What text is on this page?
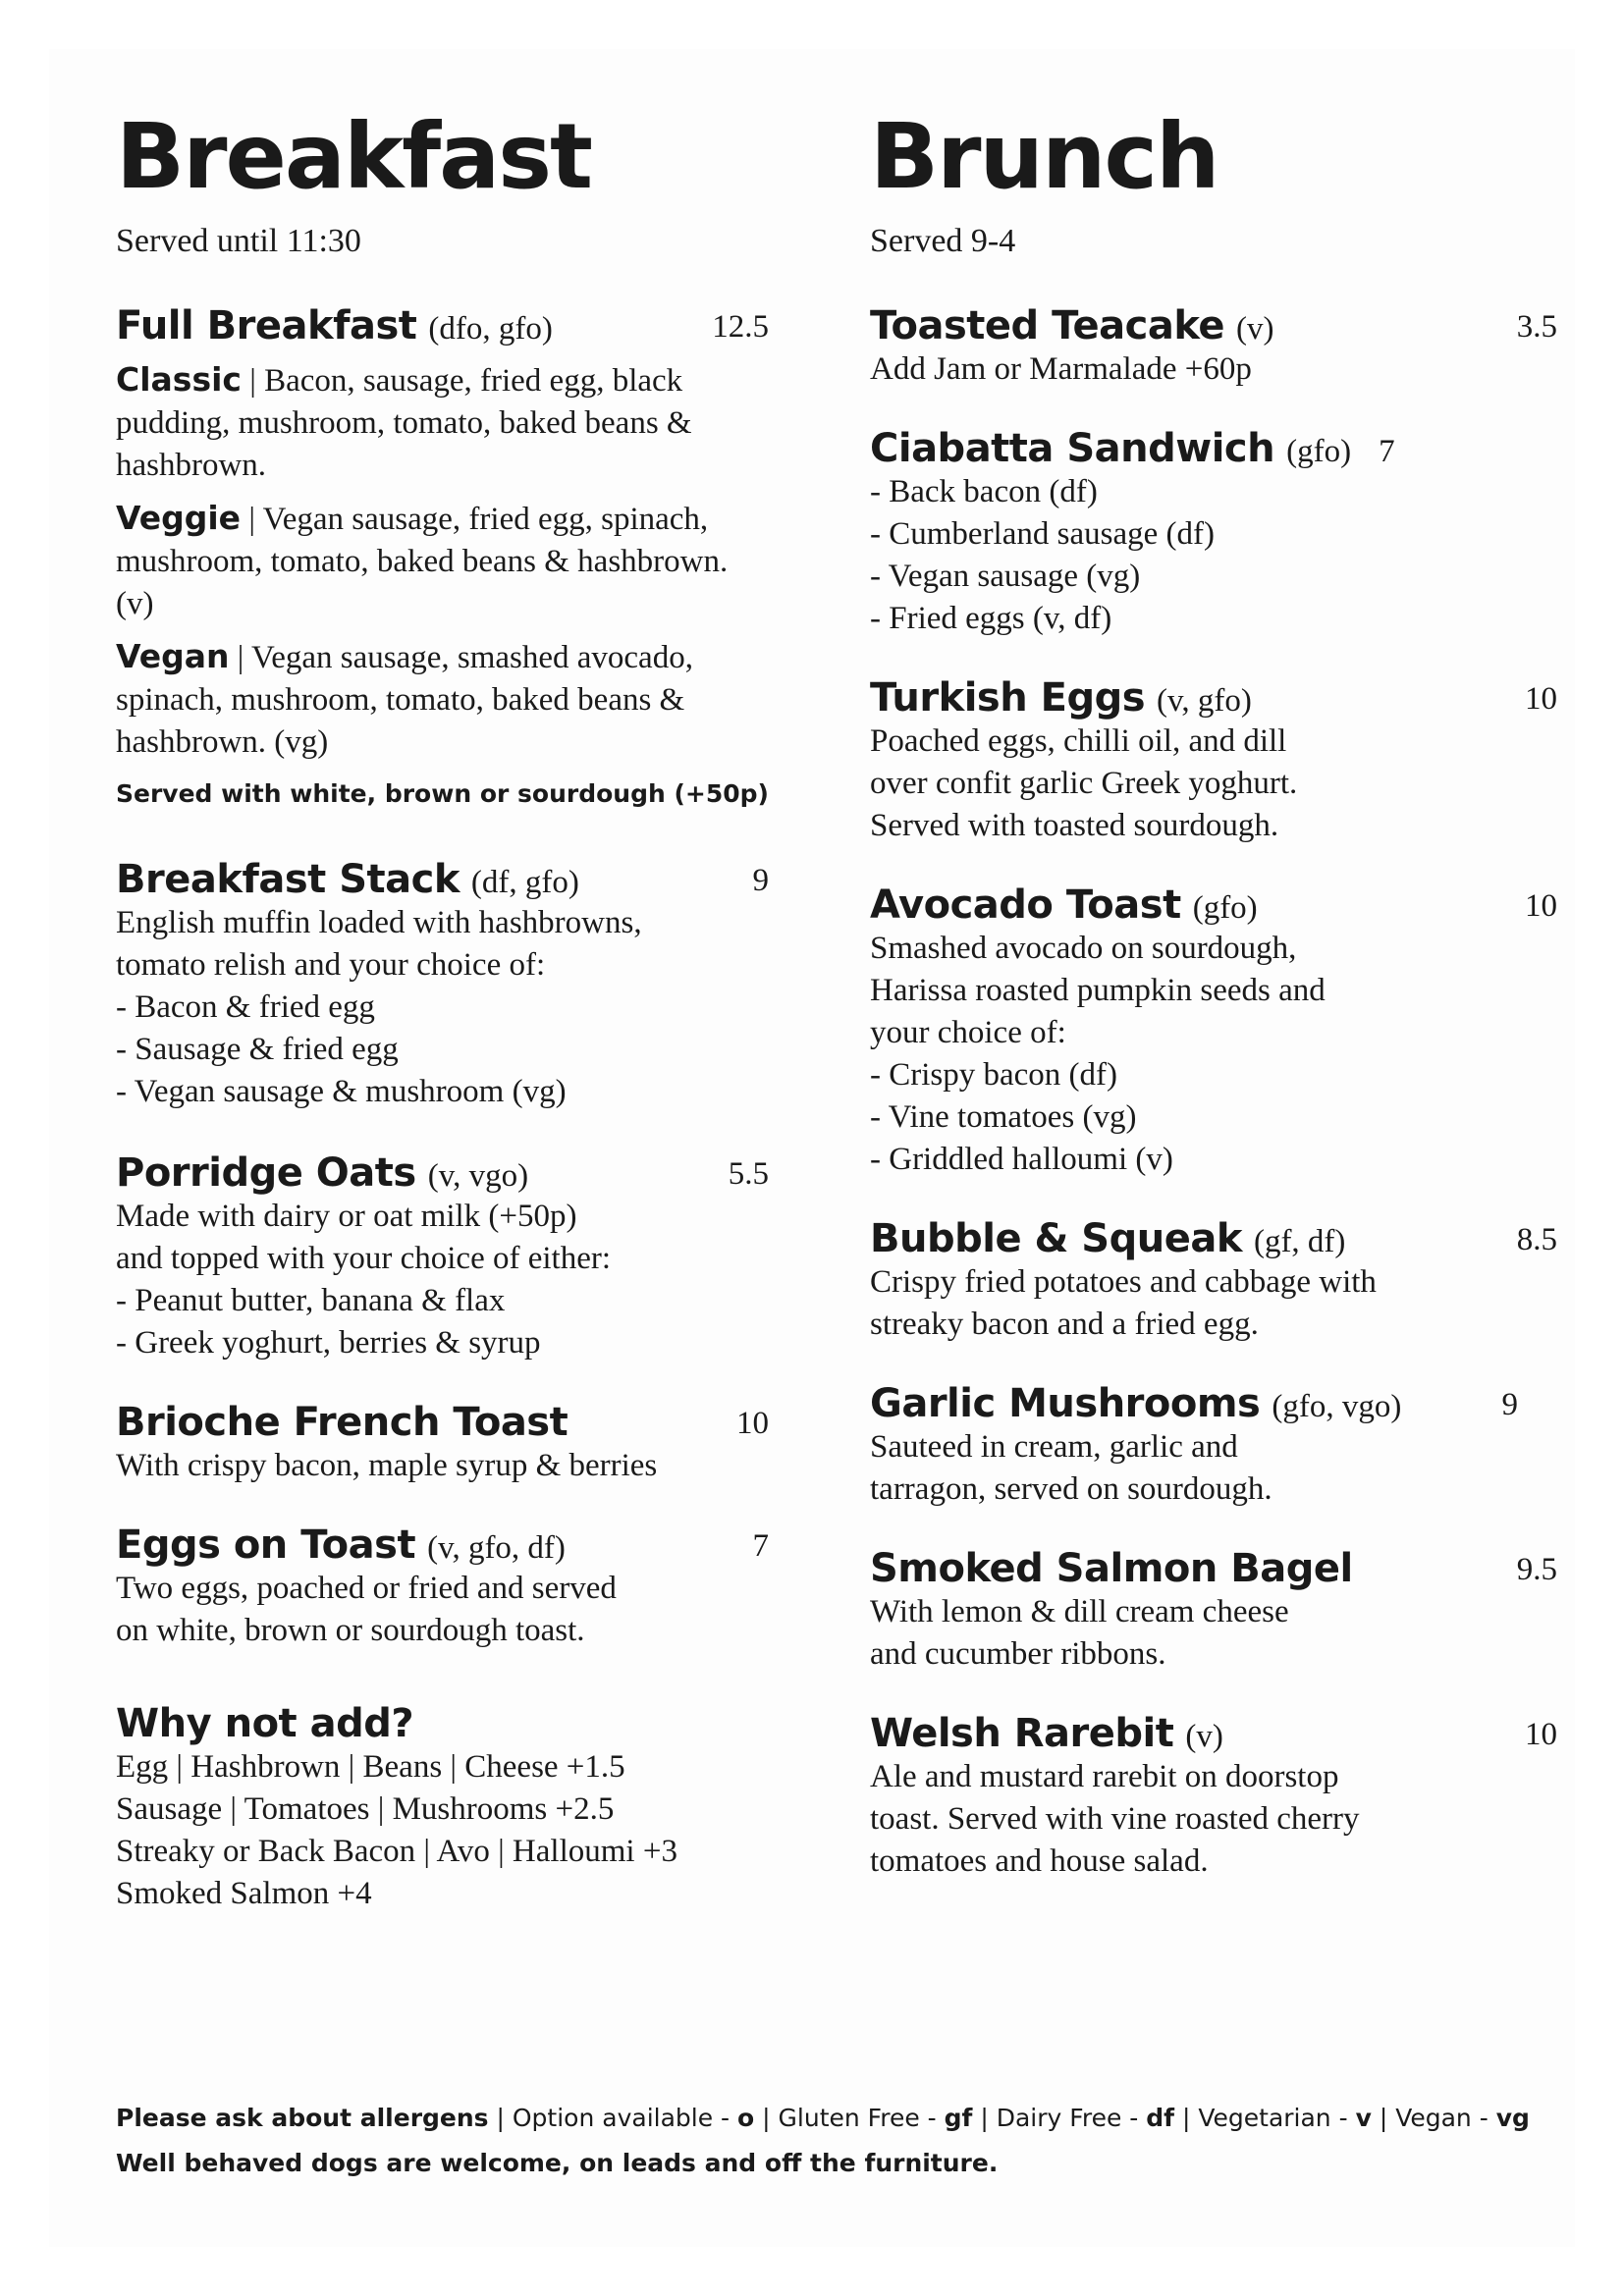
Breakfast
Served until 11:30
Full Breakfast (dfo, gfo)	12.5
Classic | Bacon, sausage, fried egg, black pudding, mushroom, tomato, baked beans & hashbrown.
Veggie | Vegan sausage, fried egg, spinach, mushroom, tomato, baked beans & hashbrown. (v)
Vegan | Vegan sausage, smashed avocado, spinach, mushroom, tomato, baked beans & hashbrown. (vg)
Served with white, brown or sourdough (+50p)
Breakfast Stack (df, gfo)	9
English muffin loaded with hashbrowns,
tomato relish and your choice of:
- Bacon & fried egg
- Sausage & fried egg
- Vegan sausage & mushroom (vg)
Porridge Oats (v, vgo)	5.5
Made with dairy or oat milk (+50p)
and topped with your choice of either:
- Peanut butter, banana & flax
- Greek yoghurt, berries & syrup
Brioche French Toast	10
With crispy bacon, maple syrup & berries
Eggs on Toast (v, gfo, df)	7
Two eggs, poached or fried and served
on white, brown or sourdough toast.
Why not add?
Egg | Hashbrown | Beans | Cheese +1.5
Sausage | Tomatoes | Mushrooms +2.5
Streaky or Back Bacon | Avo | Halloumi +3
Smoked Salmon +4
Brunch
Served 9-4
Toasted Teacake (v)	3.5
Add Jam or Marmalade +60p
Ciabatta Sandwich (gfo) 7
- Back bacon (df)
- Cumberland sausage (df)
- Vegan sausage (vg)
- Fried eggs (v, df)
Turkish Eggs (v, gfo)	10
Poached eggs, chilli oil, and dill
over confit garlic Greek yoghurt.
Served with toasted sourdough.
Avocado Toast (gfo)	10
Smashed avocado on sourdough,
Harissa roasted pumpkin seeds and
your choice of:
- Crispy bacon (df)
- Vine tomatoes (vg)
- Griddled halloumi (v)
Bubble & Squeak (gf, df)	8.5
Crispy fried potatoes and cabbage with
streaky bacon and a fried egg.
Garlic Mushrooms (gfo, vgo)	9
Sauteed in cream, garlic and
tarragon, served on sourdough.
Smoked Salmon Bagel	9.5
With lemon & dill cream cheese
and cucumber ribbons.
Welsh Rarebit (v)	10
Ale and mustard rarebit on doorstop
toast. Served with vine roasted cherry
tomatoes and house salad.
Please ask about allergens | Option available - o | Gluten Free - gf | Dairy Free - df | Vegetarian - v | Vegan - vg
Well behaved dogs are welcome, on leads and off the furniture.
